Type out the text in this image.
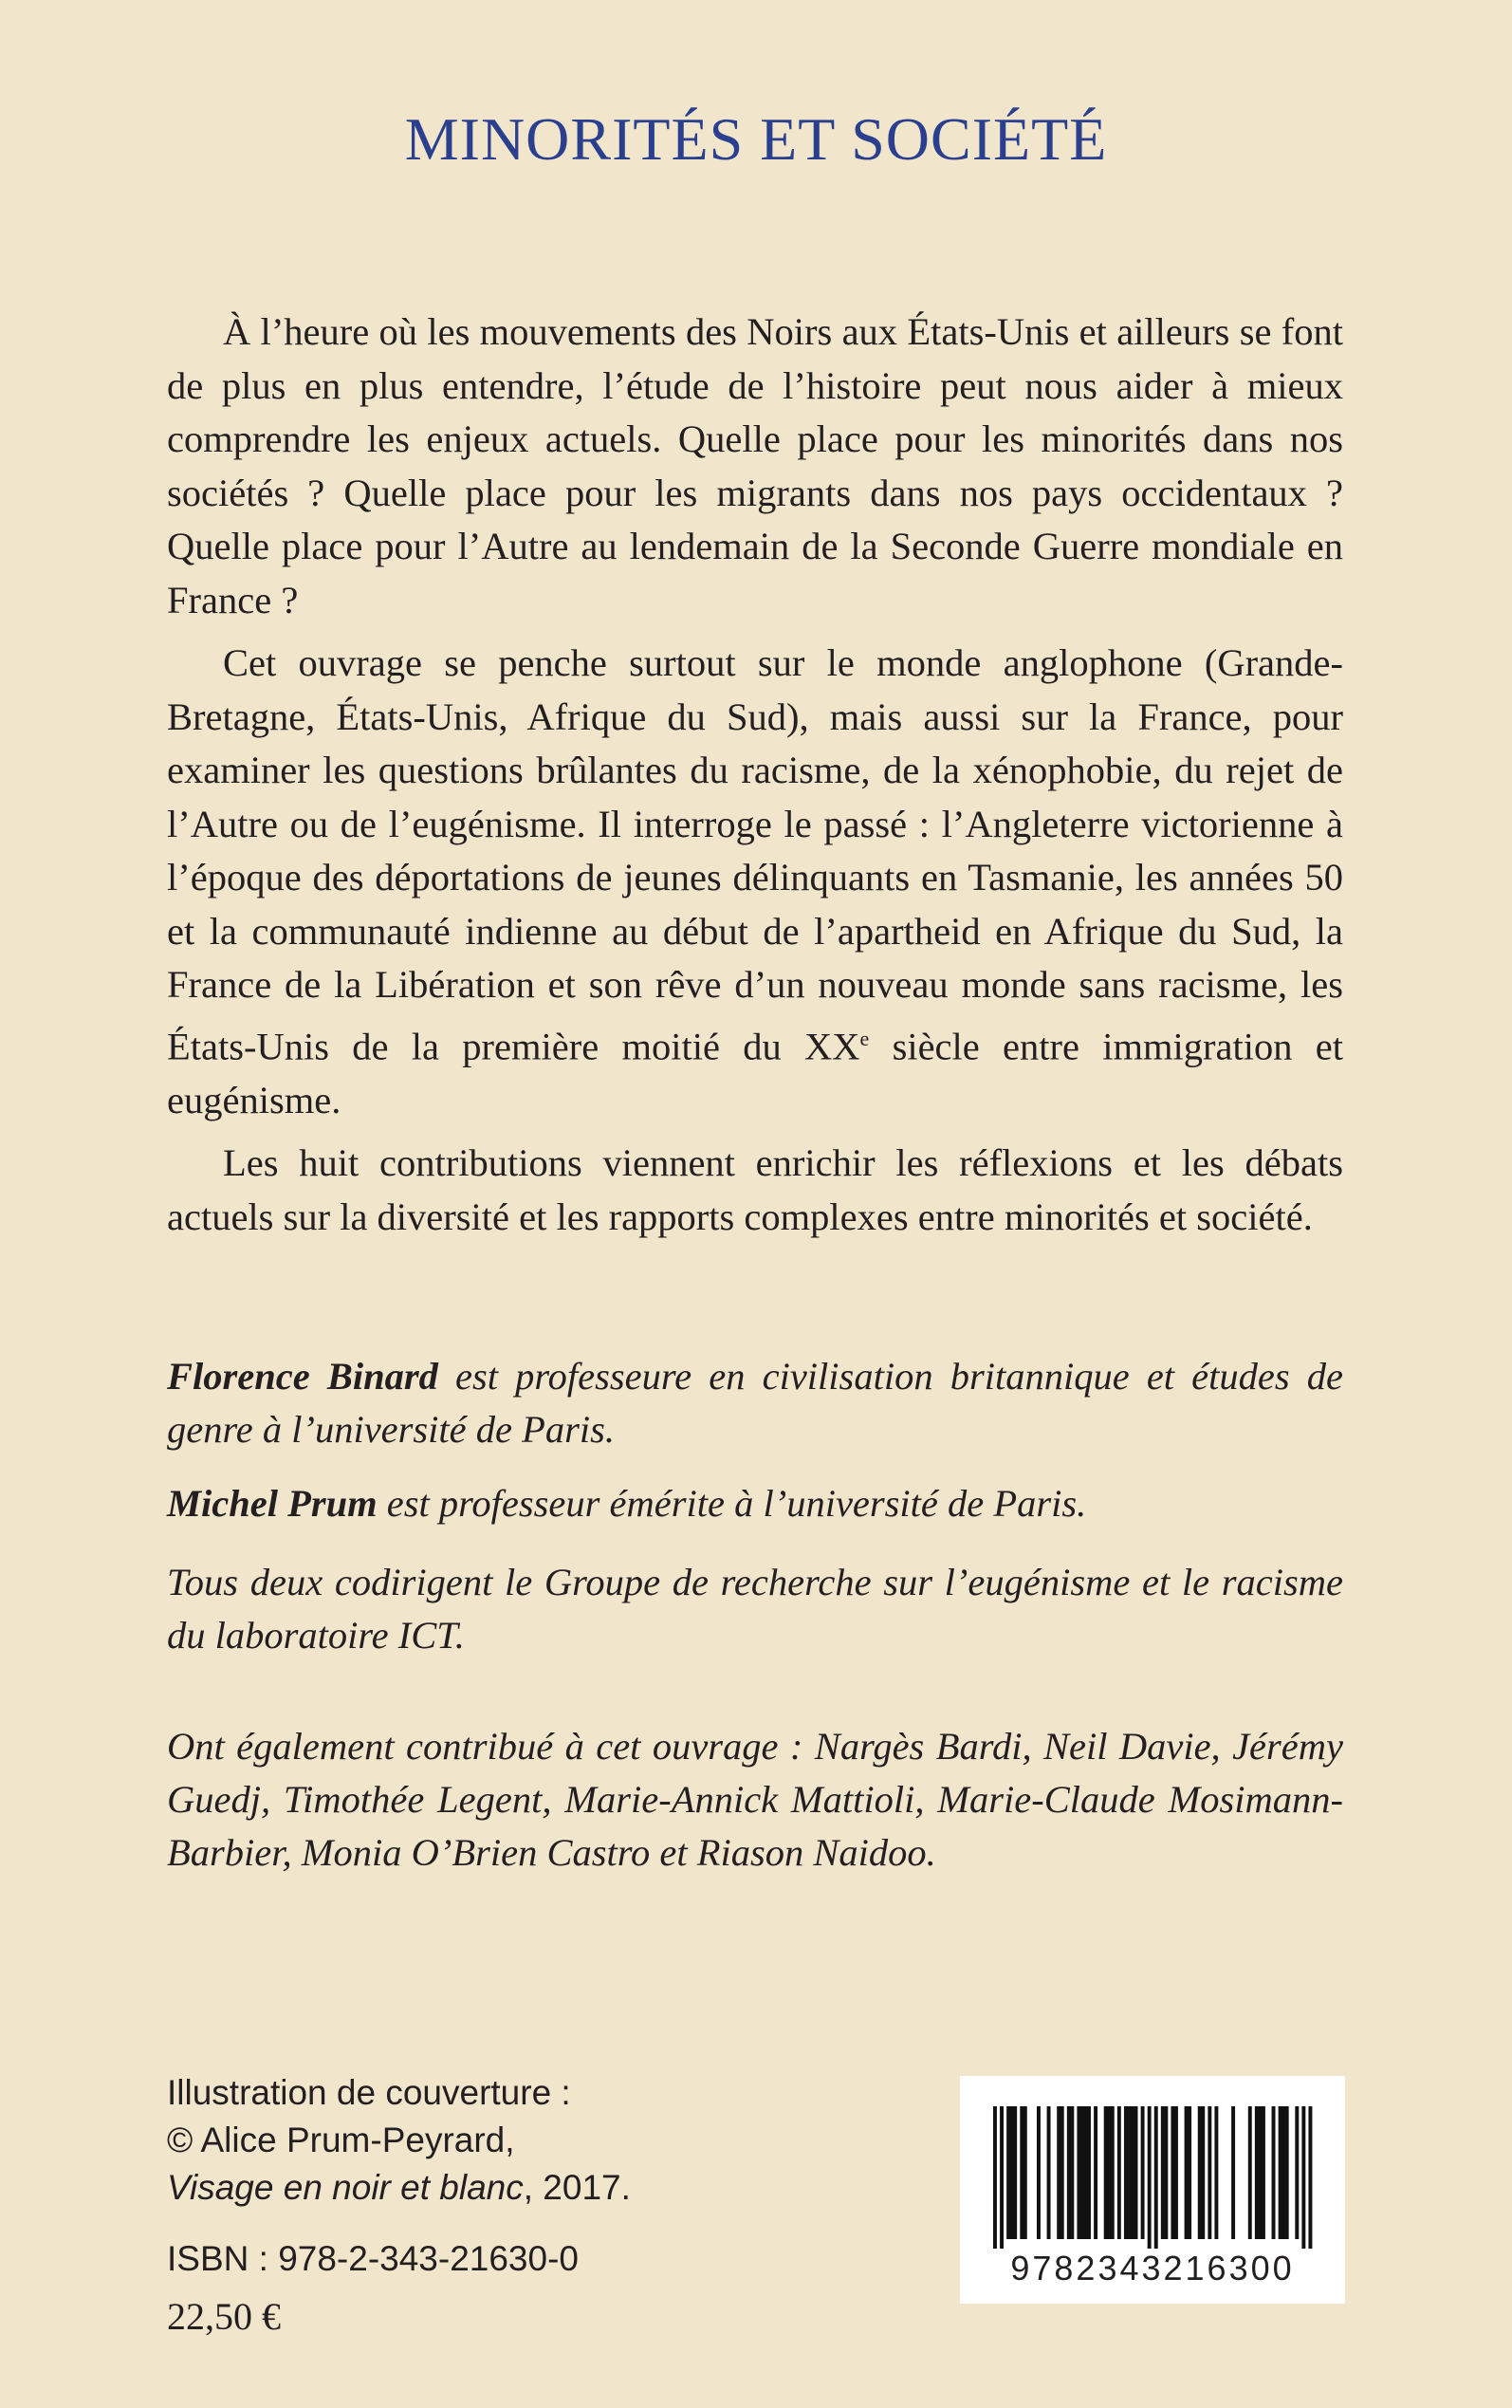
MINORITÉS ET SOCIÉTÉ

À l’heure où les mouvements des Noirs aux États-Unis et ailleurs se font de plus en plus entendre, l’étude de l’histoire peut nous aider à mieux comprendre les enjeux actuels. Quelle place pour les minorités dans nos sociétés ? Quelle place pour les migrants dans nos pays occidentaux ? Quelle place pour l’Autre au lendemain de la Seconde Guerre mondiale en France ?

Cet ouvrage se penche surtout sur le monde anglophone (Grande-Bretagne, États-Unis, Afrique du Sud), mais aussi sur la France, pour examiner les questions brûlantes du racisme, de la xénophobie, du rejet de l’Autre ou de l’eugénisme. Il interroge le passé : l’Angleterre victorienne à l’époque des déportations de jeunes délinquants en Tasmanie, les années 50 et la communauté indienne au début de l’apartheid en Afrique du Sud, la France de la Libération et son rêve d’un nouveau monde sans racisme, les États-Unis de la première moitié du XXe siècle entre immigration et eugénisme.

Les huit contributions viennent enrichir les réflexions et les débats actuels sur la diversité et les rapports complexes entre minorités et société.

Florence Binard est professeure en civilisation britannique et études de genre à l’université de Paris.

Michel Prum est professeur émérite à l’université de Paris.

Tous deux codirigent le Groupe de recherche sur l’eugénisme et le racisme du laboratoire ICT.

Ont également contribué à cet ouvrage : Nargès Bardi, Neil Davie, Jérémy Guedj, Timothée Legent, Marie-Annick Mattioli, Marie-Claude Mosimann-Barbier, Monia O’Brien Castro et Riason Naidoo.

Illustration de couverture :
© Alice Prum-Peyrard,
Visage en noir et blanc, 2017.
ISBN : 978-2-343-21630-0
22,50 €
9782343216300
